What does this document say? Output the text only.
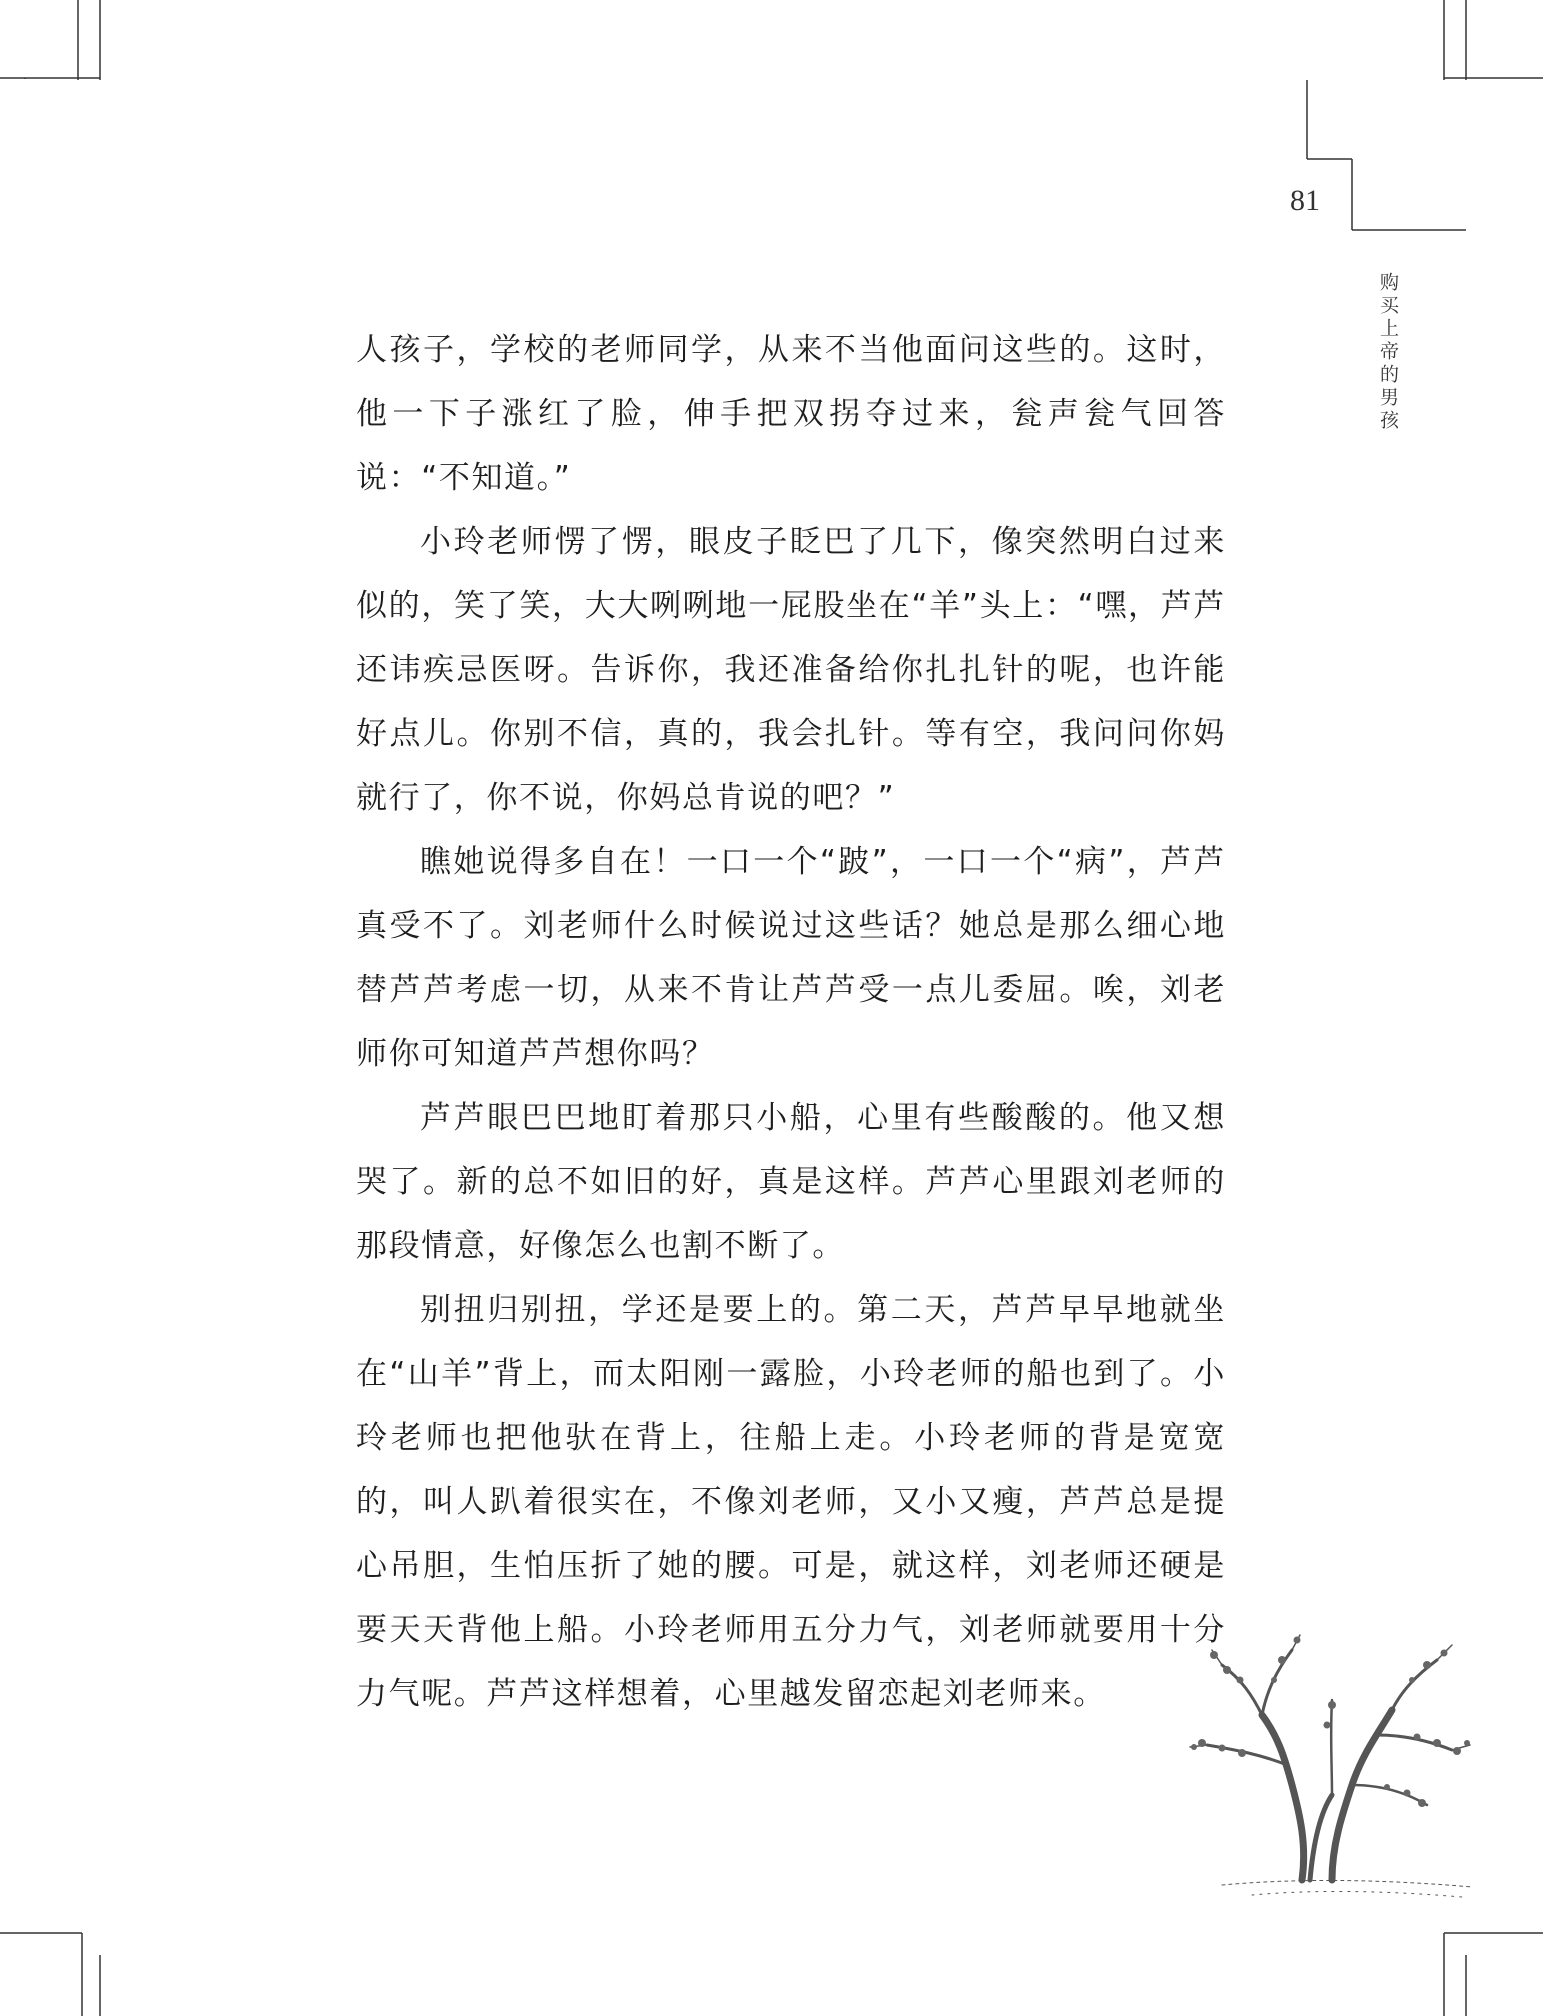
81
购买上帝的男孩

人孩子，学校的老师同学，从来不当他面问这些的。这时，他一下子涨红了脸，伸手把双拐夺过来，瓮声瓮气回答说：“不知道。”

小玲老师愣了愣，眼皮子眨巴了几下，像突然明白过来似的，笑了笑，大大咧咧地一屁股坐在“羊”头上：“嘿，芦芦还讳疾忌医呀。告诉你，我还准备给你扎扎针的呢，也许能好点儿。你别不信，真的，我会扎针。等有空，我问问你妈就行了，你不说，你妈总肯说的吧？”

瞧她说得多自在！一口一个“跛”，一口一个“病”，芦芦真受不了。刘老师什么时候说过这些话？她总是那么细心地替芦芦考虑一切，从来不肯让芦芦受一点儿委屈。唉，刘老师你可知道芦芦想你吗？

芦芦眼巴巴地盯着那只小船，心里有些酸酸的。他又想哭了。新的总不如旧的好，真是这样。芦芦心里跟刘老师的那段情意，好像怎么也割不断了。

别扭归别扭，学还是要上的。第二天，芦芦早早地就坐在“山羊”背上，而太阳刚一露脸，小玲老师的船也到了。小玲老师也把他驮在背上，往船上走。小玲老师的背是宽宽的，叫人趴着很实在，不像刘老师，又小又瘦，芦芦总是提心吊胆，生怕压折了她的腰。可是，就这样，刘老师还硬是要天天背他上船。小玲老师用五分力气，刘老师就要用十分力气呢。芦芦这样想着，心里越发留恋起刘老师来。
